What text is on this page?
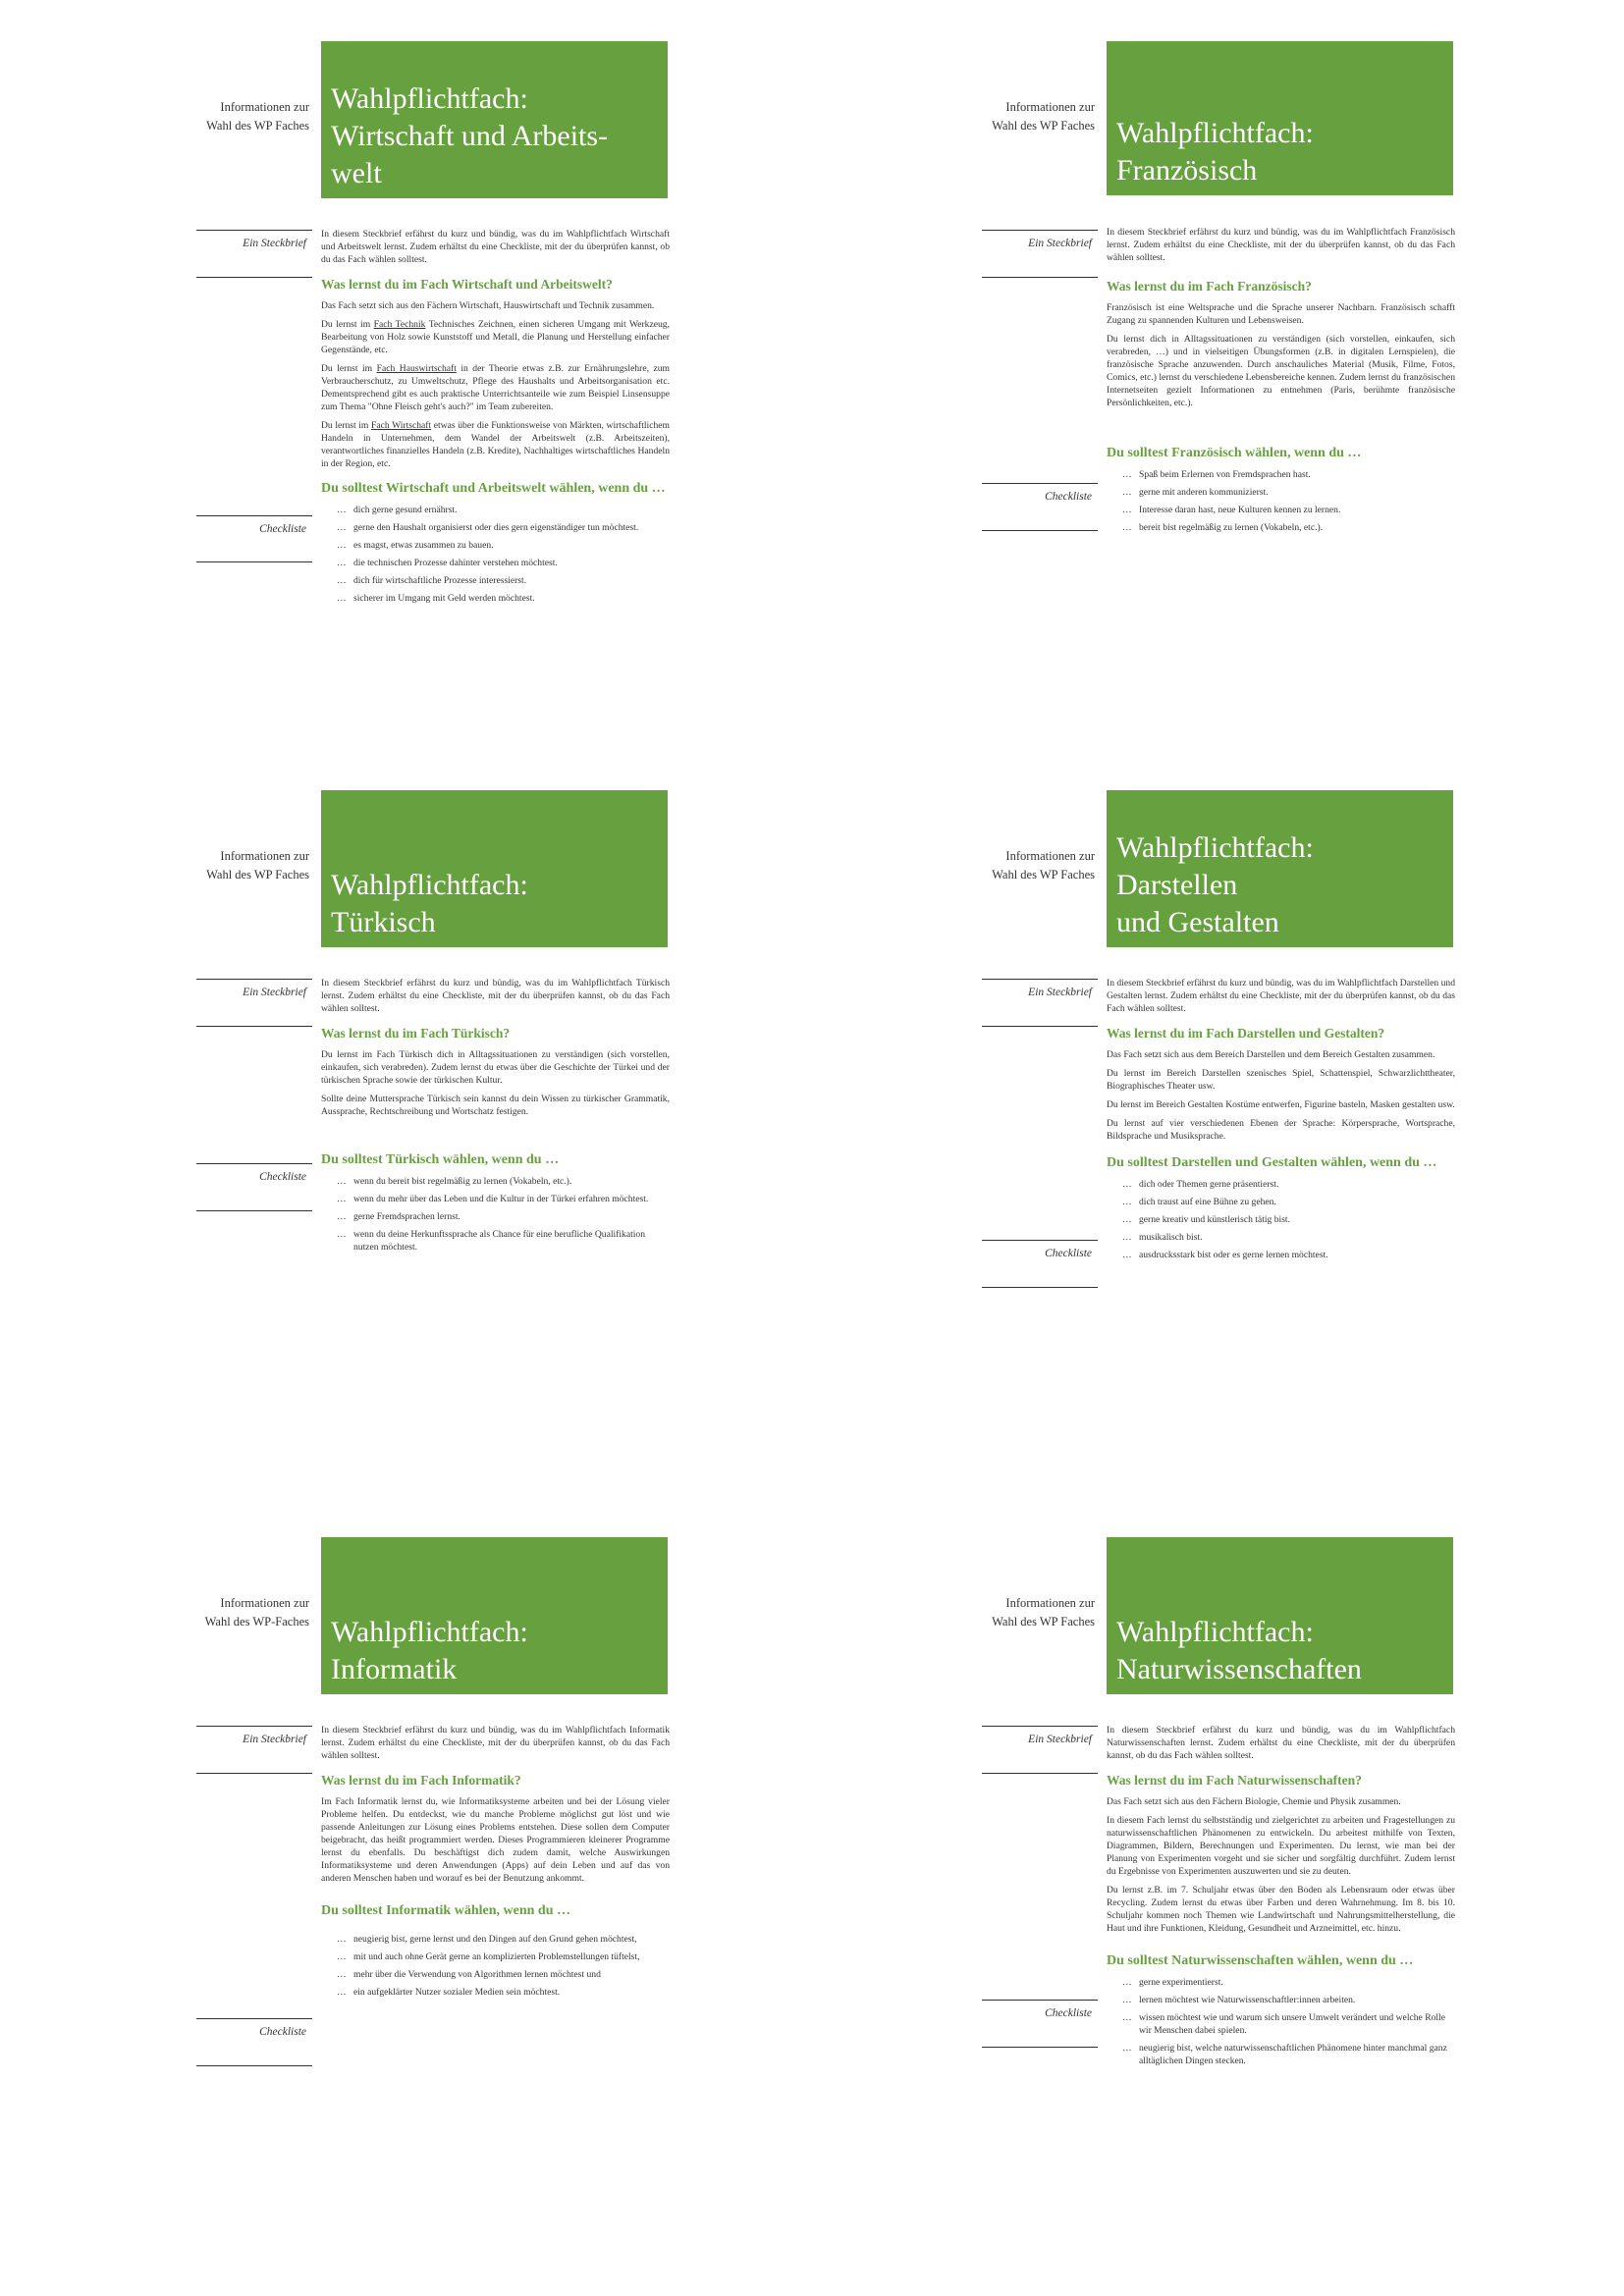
Informationen zur Wahl des WP Faches
Wahlpflichtfach:
Wirtschaft und Arbeits-
welt
Ein Steckbrief
Checkliste

In diesem Steckbrief erfährst du kurz und bündig, was du im Wahlpflichtfach Wirtschaft und Arbeitswelt lernst. Zudem erhältst du eine Checkliste, mit der du überprüfen kannst, ob du das Fach wählen solltest.

Was lernst du im Fach Wirtschaft und Arbeitswelt?

Das Fach setzt sich aus den Fächern Wirtschaft, Hauswirtschaft und Technik zusammen.

Du lernst im Fach Technik Technisches Zeichnen, einen sicheren Umgang mit Werkzeug, Bearbeitung von Holz sowie Kunststoff und Metall, die Planung und Herstellung einfacher Gegenstände, etc.

Du lernst im Fach Hauswirtschaft in der Theorie etwas z.B. zur Ernährungslehre, zum Verbraucherschutz, zu Umweltschutz, Pflege des Haushalts und Arbeitsorganisation etc. Dementsprechend gibt es auch praktische Unterrichtsanteile wie zum Beispiel Linsensuppe zum Thema "Ohne Fleisch geht's auch?" im Team zubereiten.

Du lernst im Fach Wirtschaft etwas über die Funktionsweise von Märkten, wirtschaftlichem Handeln in Unternehmen, dem Wandel der Arbeitswelt (z.B. Arbeitszeiten), verantwortliches finanzielles Handeln (z.B. Kredite), Nachhaltiges wirtschaftliches Handeln in der Region, etc.

Du solltest Wirtschaft und Arbeitswelt wählen, wenn du …
… dich gerne gesund ernährst.
… gerne den Haushalt organisierst oder dies gern eigenständiger tun möchtest.
… es magst, etwas zusammen zu bauen.
… die technischen Prozesse dahinter verstehen möchtest.
… dich für wirtschaftliche Prozesse interessierst.
… sicherer im Umgang mit Geld werden möchtest.
Informationen zur Wahl des WP Faches Wahlpflichtfach:
Französisch
Ein Steckbrief
Checkliste

In diesem Steckbrief erfährst du kurz und bündig, was du im Wahlpflichtfach Französisch lernst. Zudem erhältst du eine Checkliste, mit der du überprüfen kannst, ob du das Fach wählen solltest.

Was lernst du im Fach Französisch?

Französisch ist eine Weltsprache und die Sprache unserer Nachbarn. Französisch schafft Zugang zu spannenden Kulturen und Lebensweisen.

Du lernst dich in Alltagssituationen zu verständigen (sich vorstellen, einkaufen, sich verabreden, …) und in vielseitigen Übungsformen (z.B. in digitalen Lernspielen), die französische Sprache anzuwenden. Durch anschauliches Material (Musik, Filme, Fotos, Comics, etc.) lernst du verschiedene Lebensbereiche kennen. Zudem lernst du französischen Internetseiten gezielt Informationen zu entnehmen (Paris, berühmte französische Persönlichkeiten, etc.).

Du solltest Französisch wählen, wenn du …
… Spaß beim Erlernen von Fremdsprachen hast.
… gerne mit anderen kommunizierst.
… Interesse daran hast, neue Kulturen kennen zu lernen.
… bereit bist regelmäßig zu lernen (Vokabeln, etc.).
Informationen zur Wahl des WP Faches Wahlpflichtfach:
Türkisch
Ein Steckbrief
Checkliste

In diesem Steckbrief erfährst du kurz und bündig, was du im Wahlpflichtfach Türkisch lernst. Zudem erhältst du eine Checkliste, mit der du überprüfen kannst, ob du das Fach wählen solltest.

Was lernst du im Fach Türkisch?

Du lernst im Fach Türkisch dich in Alltagssituationen zu verständigen (sich vorstellen, einkaufen, sich verabreden). Zudem lernst du etwas über die Geschichte der Türkei und der türkischen Sprache sowie der türkischen Kultur.

Sollte deine Muttersprache Türkisch sein kannst du dein Wissen zu türkischer Grammatik, Aussprache, Rechtschreibung und Wortschatz festigen.

Du solltest Türkisch wählen, wenn du …
… wenn du bereit bist regelmäßig zu lernen (Vokabeln, etc.).
… wenn du mehr über das Leben und die Kultur in der Türkei erfahren möchtest.
… gerne Fremdsprachen lernst.
… wenn du deine Herkunftssprache als Chance für eine berufliche Qualifikation nutzen möchtest.
Informationen zur Wahl des WP Faches
Wahlpflichtfach:
Darstellen
und Gestalten
Ein Steckbrief
Checkliste

In diesem Steckbrief erfährst du kurz und bündig, was du im Wahlpflichtfach Darstellen und Gestalten lernst. Zudem erhältst du eine Checkliste, mit der du überprüfen kannst, ob du das Fach wählen solltest.

Was lernst du im Fach Darstellen und Gestalten?

Das Fach setzt sich aus dem Bereich Darstellen und dem Bereich Gestalten zusammen.

Du lernst im Bereich Darstellen szenisches Spiel, Schattenspiel, Schwarzlichttheater, Biographisches Theater usw.

Du lernst im Bereich Gestalten Kostüme entwerfen, Figurine basteln, Masken gestalten usw.

Du lernst auf vier verschiedenen Ebenen der Sprache: Körpersprache, Wortsprache, Bildsprache und Musiksprache.

Du solltest Darstellen und Gestalten wählen, wenn du …
… dich oder Themen gerne präsentierst.
… dich traust auf eine Bühne zu gehen.
… gerne kreativ und künstlerisch tätig bist.
… musikalisch bist.
… ausdrucksstark bist oder es gerne lernen möchtest.
Informationen zur Wahl des WP-Faches Wahlpflichtfach:
Informatik
Ein Steckbrief
Checkliste

In diesem Steckbrief erfährst du kurz und bündig, was du im Wahlpflichtfach Informatik lernst. Zudem erhältst du eine Checkliste, mit der du überprüfen kannst, ob du das Fach wählen solltest.

Was lernst du im Fach Informatik?

Im Fach Informatik lernst du, wie Informatiksysteme arbeiten und bei der Lösung vieler Probleme helfen. Du entdeckst, wie du manche Probleme möglichst gut löst und wie passende Anleitungen zur Lösung eines Problems entstehen. Diese sollen dem Computer beigebracht, das heißt programmiert werden. Dieses Programmieren kleinerer Programme lernst du ebenfalls. Du beschäftigst dich zudem damit, welche Auswirkungen Informatiksysteme und deren Anwendungen (Apps) auf dein Leben und auf das von anderen Menschen haben und worauf es bei der Benutzung ankommt.

Du solltest Informatik wählen, wenn du …
… neugierig bist, gerne lernst und den Dingen auf den Grund gehen möchtest,
… mit und auch ohne Gerät gerne an komplizierten Problemstellungen tüftelst,
… mehr über die Verwendung von Algorithmen lernen möchtest und
… ein aufgeklärter Nutzer sozialer Medien sein möchtest.
Informationen zur Wahl des WP Faches Wahlpflichtfach:
Naturwissenschaften
Ein Steckbrief
Checkliste

In diesem Steckbrief erfährst du kurz und bündig, was du im Wahlpflichtfach Naturwissenschaften lernst. Zudem erhältst du eine Checkliste, mit der du überprüfen kannst, ob du das Fach wählen solltest.

Was lernst du im Fach Naturwissenschaften?

Das Fach setzt sich aus den Fächern Biologie, Chemie und Physik zusammen.

In diesem Fach lernst du selbstständig und zielgerichtet zu arbeiten und Fragestellungen zu naturwissenschaftlichen Phänomenen zu entwickeln. Du arbeitest mithilfe von Texten, Diagrammen, Bildern, Berechnungen und Experimenten. Du lernst, wie man bei der Planung von Experimenten vorgeht und sie sicher und sorgfältig durchführt. Zudem lernst du Ergebnisse von Experimenten auszuwerten und sie zu deuten.

Du lernst z.B. im 7. Schuljahr etwas über den Boden als Lebensraum oder etwas über Recycling. Zudem lernst du etwas über Farben und deren Wahrnehmung. Im 8. bis 10. Schuljahr kommen noch Themen wie Landwirtschaft und Nahrungsmittelherstellung, die Haut und ihre Funktionen, Kleidung, Gesundheit und Arzneimittel, etc. hinzu.

Du solltest Naturwissenschaften wählen, wenn du …
… gerne experimentierst.
… lernen möchtest wie Naturwissenschaftler:innen arbeiten.
… wissen möchtest wie und warum sich unsere Umwelt verändert und welche Rolle wir Menschen dabei spielen.
… neugierig bist, welche naturwissenschaftlichen Phänomene hinter manchmal ganz alltäglichen Dingen stecken.
